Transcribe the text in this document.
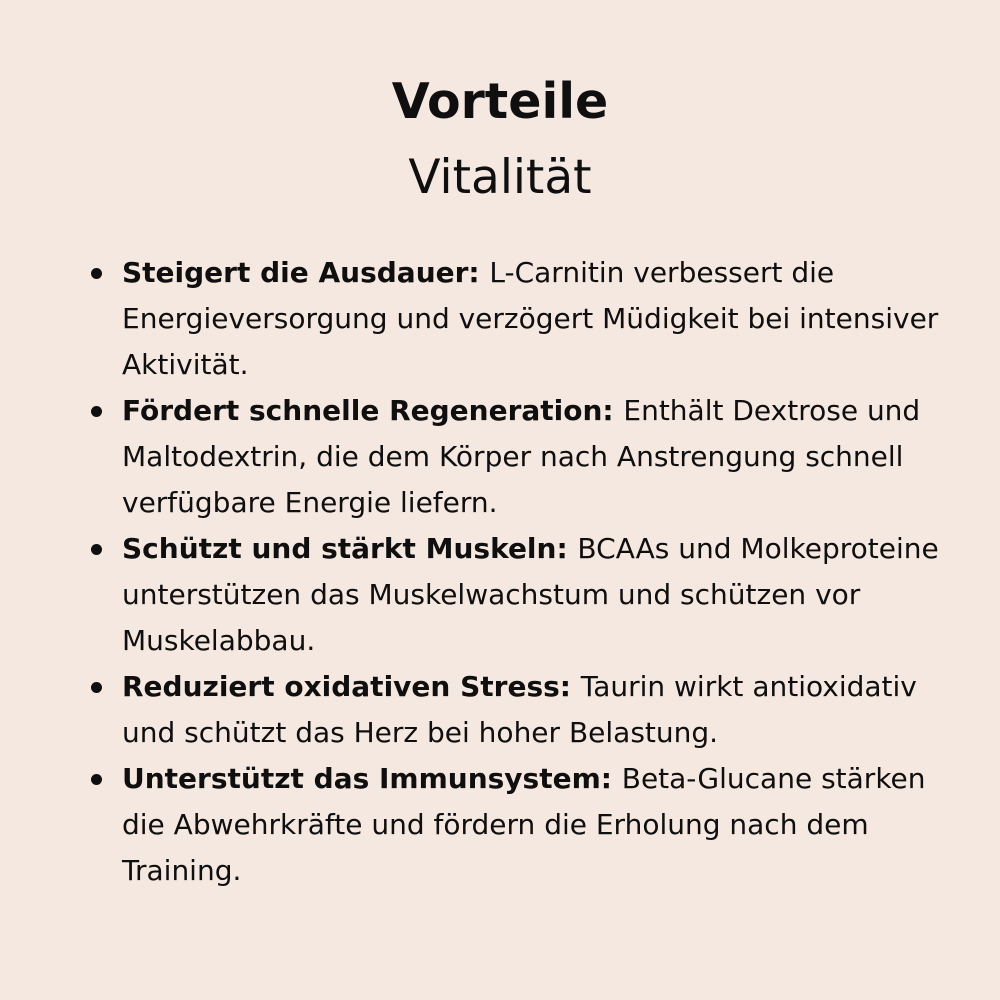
Vorteile
Vitalität
Steigert die Ausdauer: L-Carnitin verbessert die Energieversorgung und verzögert Müdigkeit bei intensiver Aktivität.
Fördert schnelle Regeneration: Enthält Dextrose und Maltodextrin, die dem Körper nach Anstrengung schnell verfügbare Energie liefern.
Schützt und stärkt Muskeln: BCAAs und Molkeproteine unterstützen das Muskelwachstum und schützen vor Muskelabbau.
Reduziert oxidativen Stress: Taurin wirkt antioxidativ und schützt das Herz bei hoher Belastung.
Unterstützt das Immunsystem: Beta-Glucane stärken die Abwehrkräfte und fördern die Erholung nach dem Training.
